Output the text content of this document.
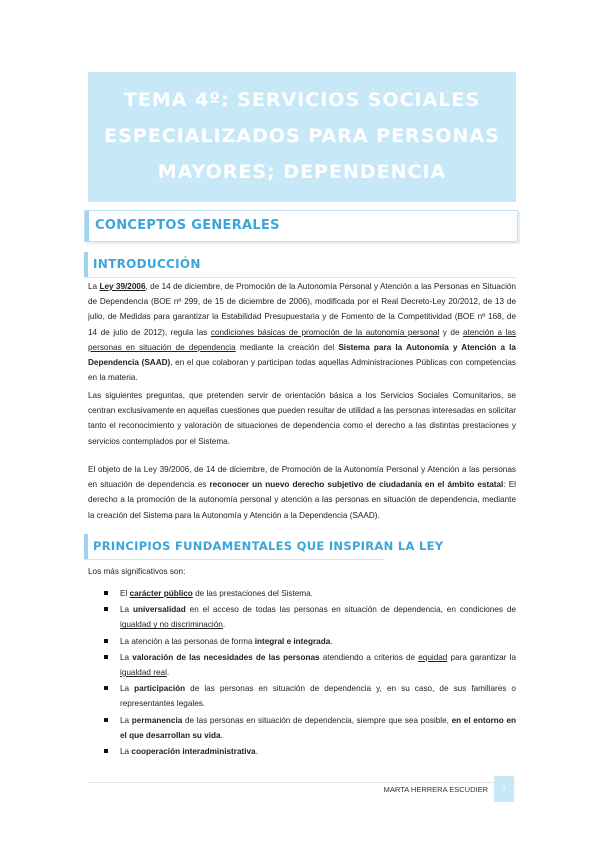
TEMA 4º: SERVICIOS SOCIALES
ESPECIALIZADOS PARA PERSONAS
MAYORES; DEPENDENCIA
CONCEPTOS GENERALES
INTRODUCCIÓN

La Ley 39/2006, de 14 de diciembre, de Promoción de la Autonomía Personal y Atención a las Personas en Situación de Dependencia (BOE nº 299, de 15 de diciembre de 2006), modificada por el Real Decreto-Ley 20/2012, de 13 de julio, de Medidas para garantizar la Estabilidad Presupuestaria y de Fomento de la Competitividad (BOE nº 168, de 14 de julio de 2012), regula las condiciones básicas de promoción de la autonomía personal y de atención a las personas en situación de dependencia mediante la creación del Sistema para la Autonomía y Atención a la Dependencia (SAAD), en el que colaboran y participan todas aquellas Administraciones Públicas con competencias en la materia.

Las siguientes preguntas, que pretenden servir de orientación básica a los Servicios Sociales Comunitarios, se centran exclusivamente en aquellas cuestiones que pueden resultar de utilidad a las personas interesadas en solicitar tanto el reconocimiento y valoración de situaciones de dependencia como el derecho a las distintas prestaciones y servicios contemplados por el Sistema.

El objeto de la Ley 39/2006, de 14 de diciembre, de Promoción de la Autonomía Personal y Atención a las personas en situación de dependencia es reconocer un nuevo derecho subjetivo de ciudadanía en el ámbito estatal: El derecho a la promoción de la autonomía personal y atención a las personas en situación de dependencia, mediante la creación del Sistema para la Autonomía y Atención a la Dependencia (SAAD).

PRINCIPIOS FUNDAMENTALES QUE INSPIRAN LA LEY

Los más significativos son:

El carácter público de las prestaciones del Sistema.
La universalidad en el acceso de todas las personas en situación de dependencia, en condiciones de igualdad y no discriminación.
La atención a las personas de forma integral e integrada.
La valoración de las necesidades de las personas atendiendo a criterios de equidad para garantizar la igualdad real.
La participación de las personas en situación de dependencia y, en su caso, de sus familiares o representantes legales.
La permanencia de las personas en situación de dependencia, siempre que sea posible, en el entorno en el que desarrollan su vida.
La cooperación interadministrativa.
MARTA HERRERA ESCUDIER	1
